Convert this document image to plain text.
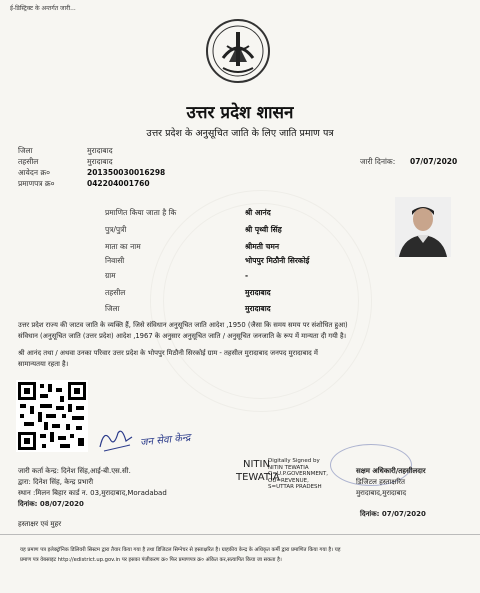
ई-डिस्ट्रिक्ट के अन्तर्गत जारी...
उत्तर प्रदेश शासन
उत्तर प्रदेश के अनुसूचित जाति के लिए जाति प्रमाण पत्र
जिला	मुरादाबाद
तहसील	मुरादाबाद
आवेदन क्र०	201350030016298
प्रमाणपत्र क्र०	042204001760
जारी दिनांक: 07/07/2020
प्रमाणित किया जाता है कि	श्री आनंद
पुत्र/पुत्री	श्री पृथ्वी सिंह
माता का नाम	श्रीमती चमन
निवासी	भोपपुर मिठौनी सिरकोई
ग्राम	-
तहसील	मुरादाबाद
जिला	मुरादाबाद
उत्तर प्रदेश राज्य की जाटव जाति के व्यक्ति हैं, जिसे संविधान अनुसूचित जाति आदेश ,1950 (जैसा कि समय समय पर संशोधित हुआ)
संविधान (अनुसूचित जाति (उत्तर प्रदेश) आदेश ,1967 के अनुसार अनुसूचित जाति / अनुसूचित जनजाति के रूप में मान्यता दी गयी है।
श्री आनंद तथा / अथवा उनका परिवार उत्तर प्रदेश के भोपपुर मिठौनी सिरकोई ग्राम - तहसील मुरादाबाद जनपद मुरादाबाद में
सामान्यतया रहता है।
जन सेवा केन्द्र
जारी कर्ता केन्द्र: दिनेश सिंह,आई-बी.एस.सी.
द्वारा: दिनेश सिंह, केन्द्र प्रभारी
स्थान :मिलन बिहार कार्ड न. 03,मुरादाबाद,Moradabad
दिनांक: 08/07/2020
हस्ताक्षर एवं मुहर
NITIN
TEWATIA
Digitally Signed by
NITIN TEWATIA
O=U.P.GOVERNMENT,
OU=REVENUE,
S=UTTAR PRADESH
सक्षम अधिकारी/तहसीलदार
डिजिटल हस्ताक्षरित
मुरादाबाद,मुरादाबाद
दिनांक: 07/07/2020
यह प्रमाण पत्र इलेक्ट्रॉनिक डिलिवरी सिस्टम द्वारा तैयार किया गया है तथा डिजिटल सिग्नेचर से हस्ताक्षरित है। ग्राहकीय केन्द्र के अधिकृत कर्मी द्वारा प्रमाणित किया गया है। यह
प्रमाण पत्र वेबसाइट http://edistrict.up.gov.in पर इसका पंजीकरण क्र० फिर प्रमाणपत्र क्र० अंकित कर,सत्यापित किया जा सकता है।
